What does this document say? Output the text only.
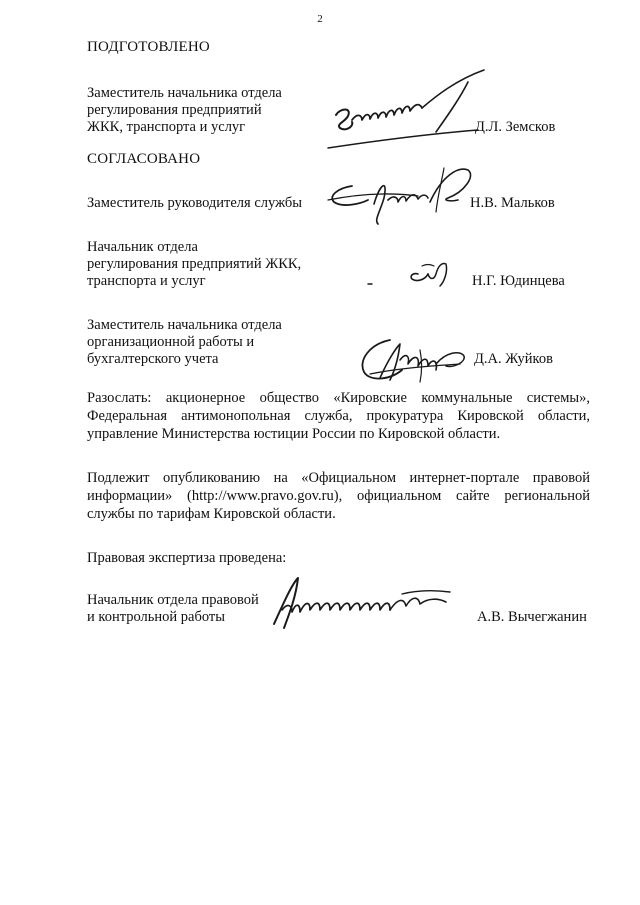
2
ПОДГОТОВЛЕНО
Заместитель начальника отдела
регулирования предприятий
ЖКК, транспорта и услуг	Д.Л. Земсков
СОГЛАСОВАНО
Заместитель руководителя службы	Н.В. Мальков
Начальник отдела
регулирования предприятий ЖКК,
транспорта и услуг	Н.Г. Юдинцева
Заместитель начальника отдела
организационной работы и
бухгалтерского учета	Д.А. Жуйков
Разослать: акционерное общество «Кировские коммунальные системы», Федеральная антимонопольная служба, прокуратура Кировской области, управление Министерства юстиции России по Кировской области.
Подлежит опубликованию на «Официальном интернет-портале правовой информации» (http://www.pravo.gov.ru), официальном сайте региональной службы по тарифам Кировской области.
Правовая экспертиза проведена:
Начальник отдела правовой
и контрольной работы	А.В. Вычегжанин
